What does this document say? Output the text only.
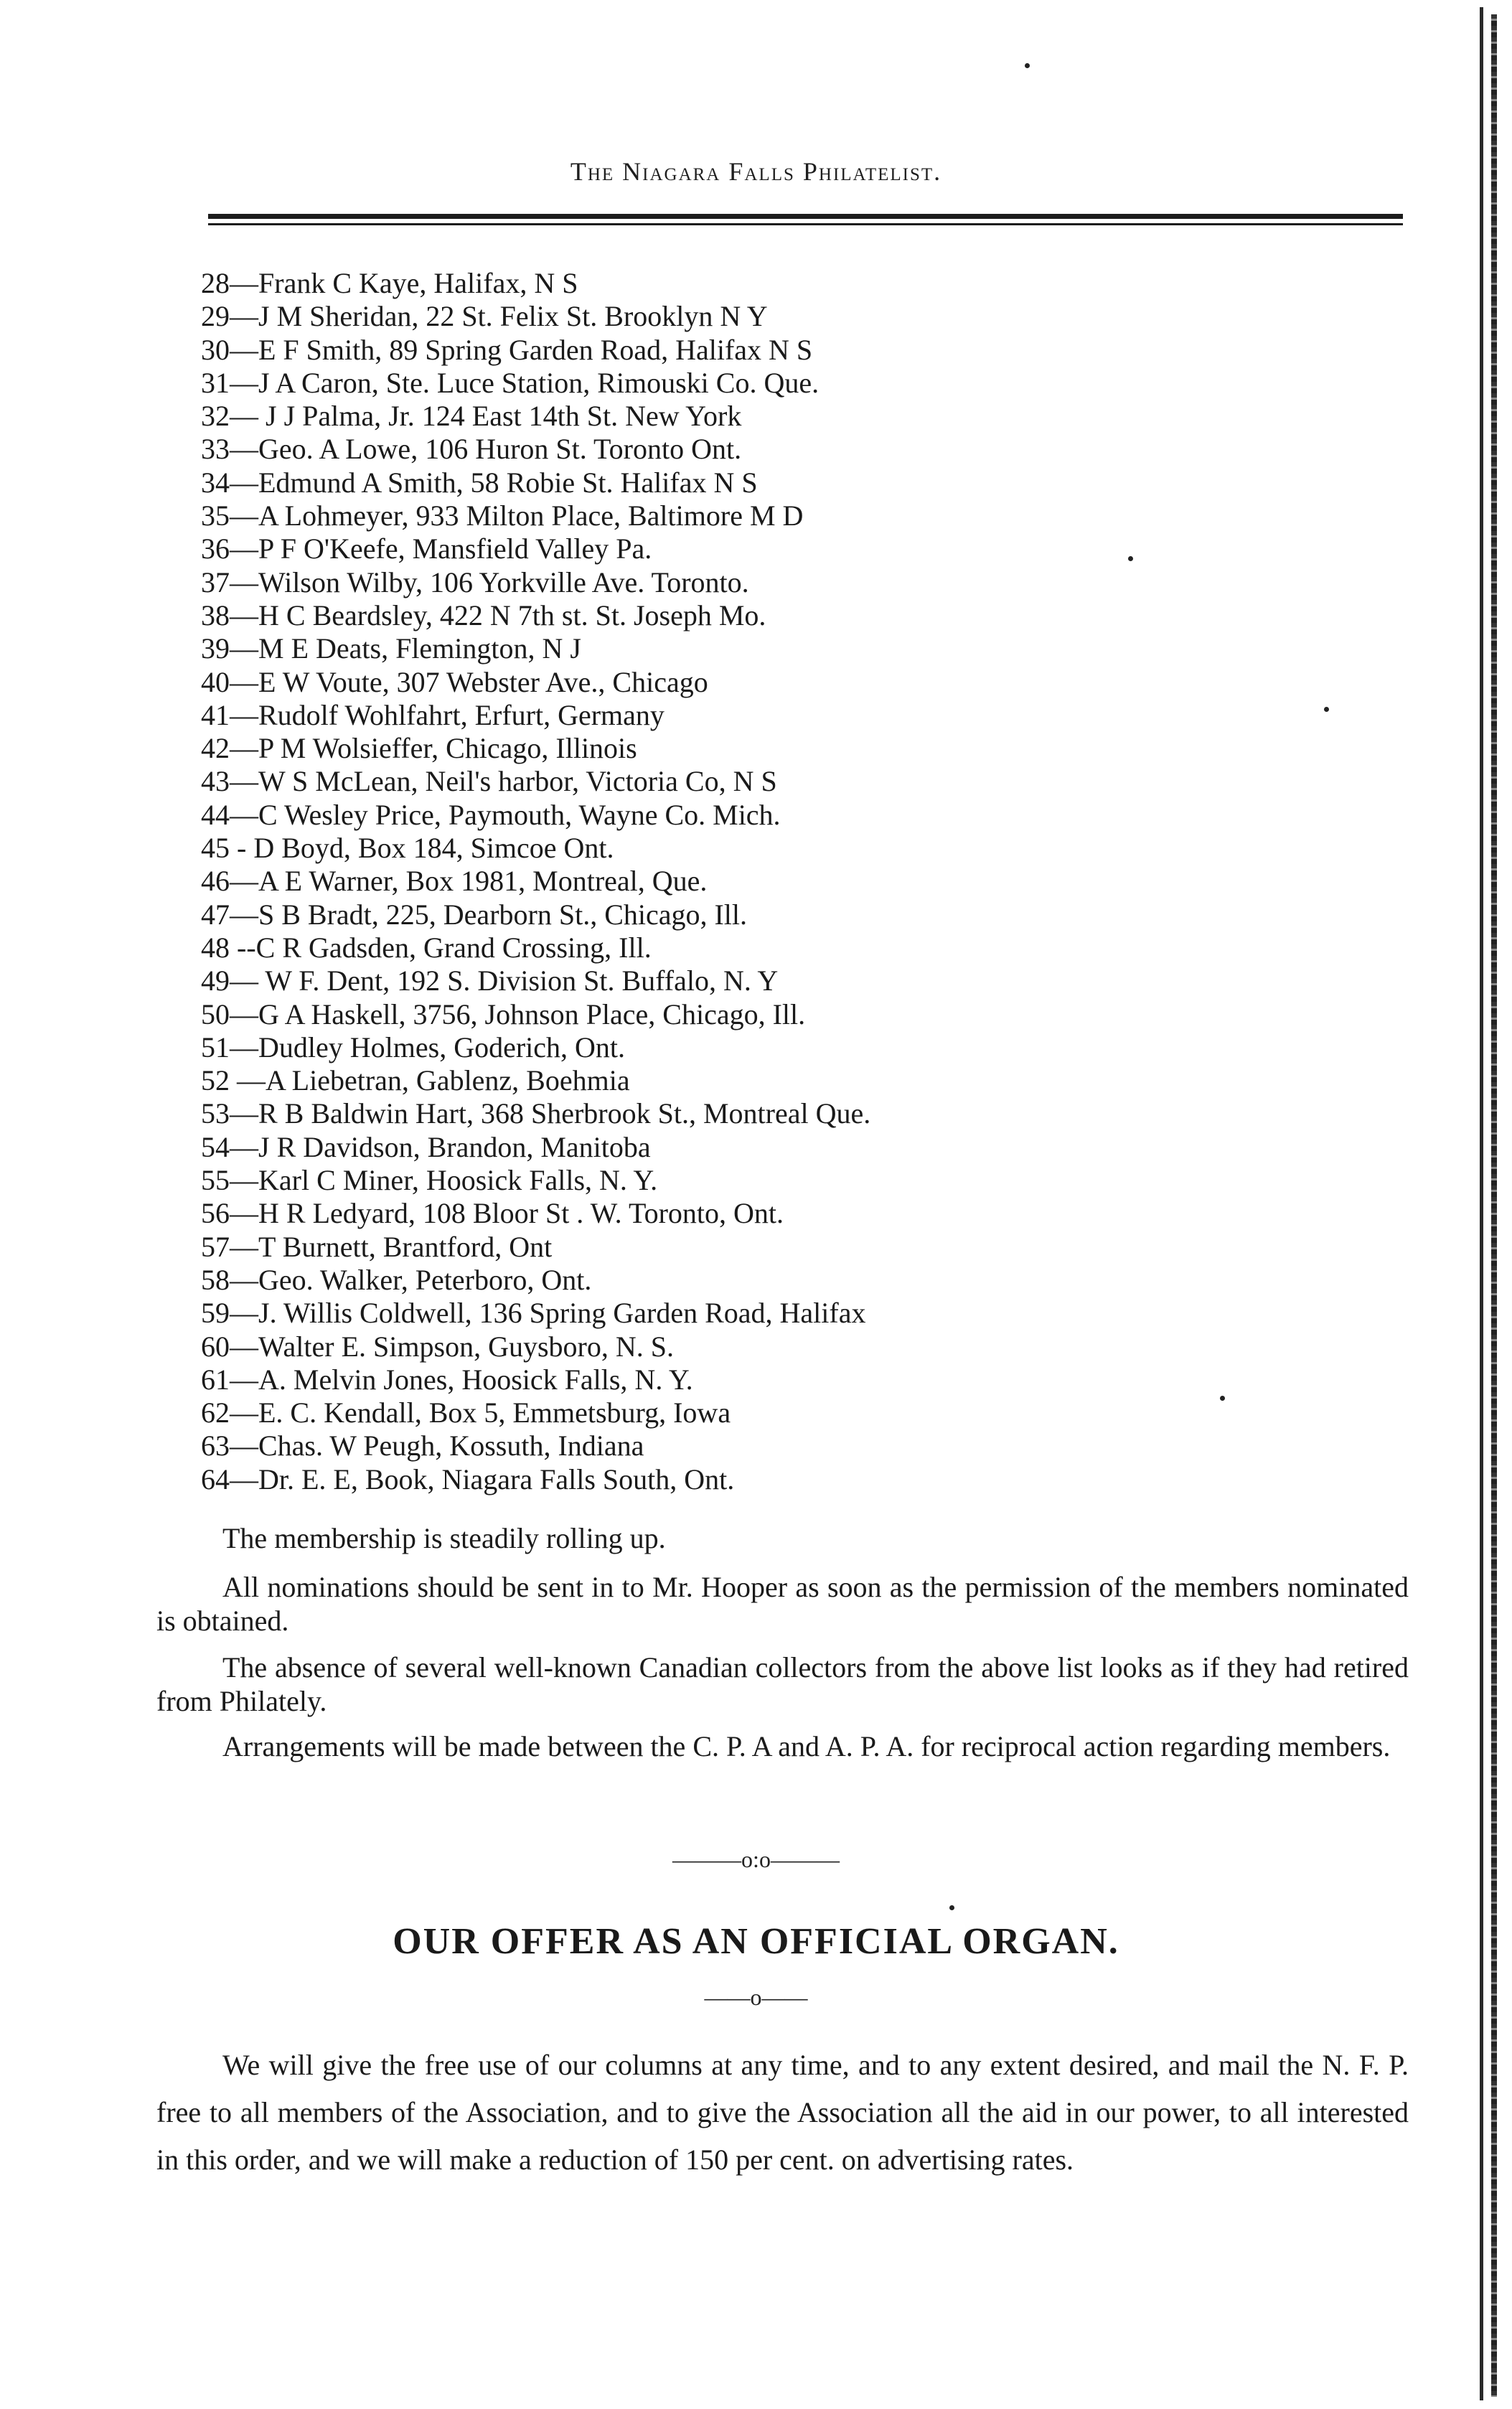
The Niagara Falls Philatelist.
28—Frank C Kaye, Halifax, N S
29—J M Sheridan, 22 St. Felix St. Brooklyn N Y
30—E F Smith, 89 Spring Garden Road, Halifax N S
31—J A Caron, Ste. Luce Station, Rimouski Co. Que.
32— J J Palma, Jr. 124 East 14th St. New York
33—Geo. A Lowe, 106 Huron St. Toronto Ont.
34—Edmund A Smith, 58 Robie St. Halifax N S
35—A Lohmeyer, 933 Milton Place, Baltimore M D
36—P F O'Keefe, Mansfield Valley Pa.
37—Wilson Wilby, 106 Yorkville Ave. Toronto.
38—H C Beardsley, 422 N 7th st. St. Joseph Mo.
39—M E Deats, Flemington, N J
40—E W Voute, 307 Webster Ave., Chicago
41—Rudolf Wohlfahrt, Erfurt, Germany
42—P M Wolsieffer, Chicago, Illinois
43—W S McLean, Neil's harbor, Victoria Co, N S
44—C Wesley Price, Paymouth, Wayne Co. Mich.
45 - D Boyd, Box 184, Simcoe Ont.
46—A E Warner, Box 1981, Montreal, Que.
47—S B Bradt, 225, Dearborn St., Chicago, Ill.
48 --C R Gadsden, Grand Crossing, Ill.
49— W F. Dent, 192 S. Division St. Buffalo, N. Y
50—G A Haskell, 3756, Johnson Place, Chicago, Ill.
51—Dudley Holmes, Goderich, Ont.
52 —A Liebetran, Gablenz, Boehmia
53—R B Baldwin Hart, 368 Sherbrook St., Montreal Que.
54—J R Davidson, Brandon, Manitoba
55—Karl C Miner, Hoosick Falls, N. Y.
56—H R Ledyard, 108 Bloor St . W. Toronto, Ont.
57—T Burnett, Brantford, Ont
58—Geo. Walker, Peterboro, Ont.
59—J. Willis Coldwell, 136 Spring Garden Road, Halifax
60—Walter E. Simpson, Guysboro, N. S.
61—A. Melvin Jones, Hoosick Falls, N. Y.
62—E. C. Kendall, Box 5, Emmetsburg, Iowa
63—Chas. W Peugh, Kossuth, Indiana
64—Dr. E. E, Book, Niagara Falls South, Ont.

The membership is steadily rolling up.

All nominations should be sent in to Mr. Hooper as soon as the permission of the members nominated is obtained.

The absence of several well-known Canadian collectors from the above list looks as if they had retired from Philately.

Arrangements will be made between the C. P. A and A. P. A. for reciprocal action regarding members.

———o:o———
OUR OFFER AS AN OFFICIAL ORGAN.
——o——

We will give the free use of our columns at any time, and to any extent desired, and mail the N. F. P. free to all members of the Association, and to give the Association all the aid in our power, to all interested in this order, and we will make a reduction of 150 per cent. on advertising rates.
